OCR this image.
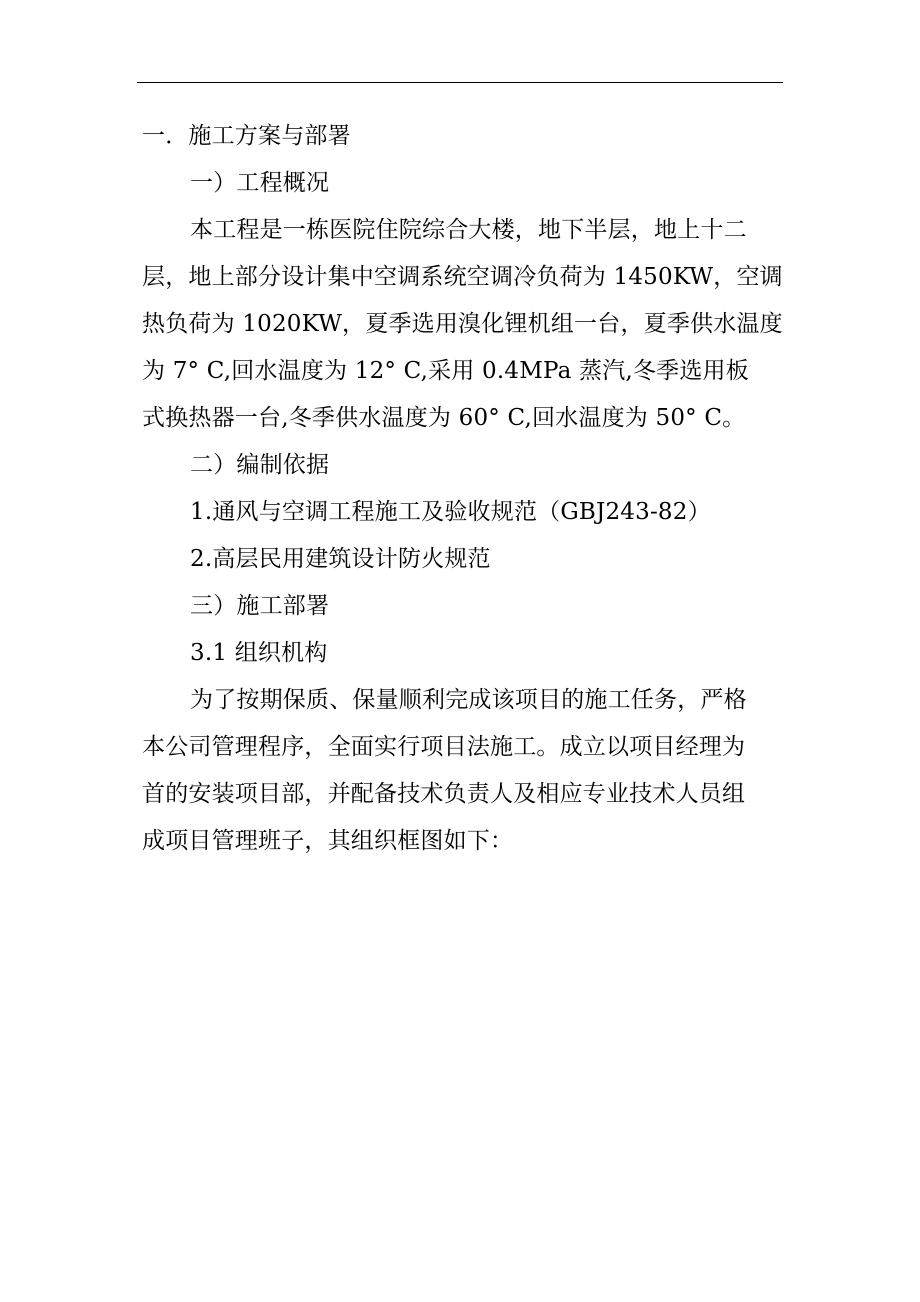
一．施工方案与部署
一）工程概况
本工程是一栋医院住院综合大楼，地下半层，地上十二
层，地上部分设计集中空调系统空调冷负荷为 1450KW，空调
热负荷为 1020KW，夏季选用溴化锂机组一台，夏季供水温度
为 7° C,回水温度为 12° C,采用 0.4MPa 蒸汽,冬季选用板
式换热器一台,冬季供水温度为 60° C,回水温度为 50° C。
二）编制依据
1.通风与空调工程施工及验收规范（GBJ243-82）
2.高层民用建筑设计防火规范
三）施工部署
3.1 组织机构
为了按期保质、保量顺利完成该项目的施工任务，严格
本公司管理程序，全面实行项目法施工。成立以项目经理为
首的安装项目部，并配备技术负责人及相应专业技术人员组
成项目管理班子，其组织框图如下：
